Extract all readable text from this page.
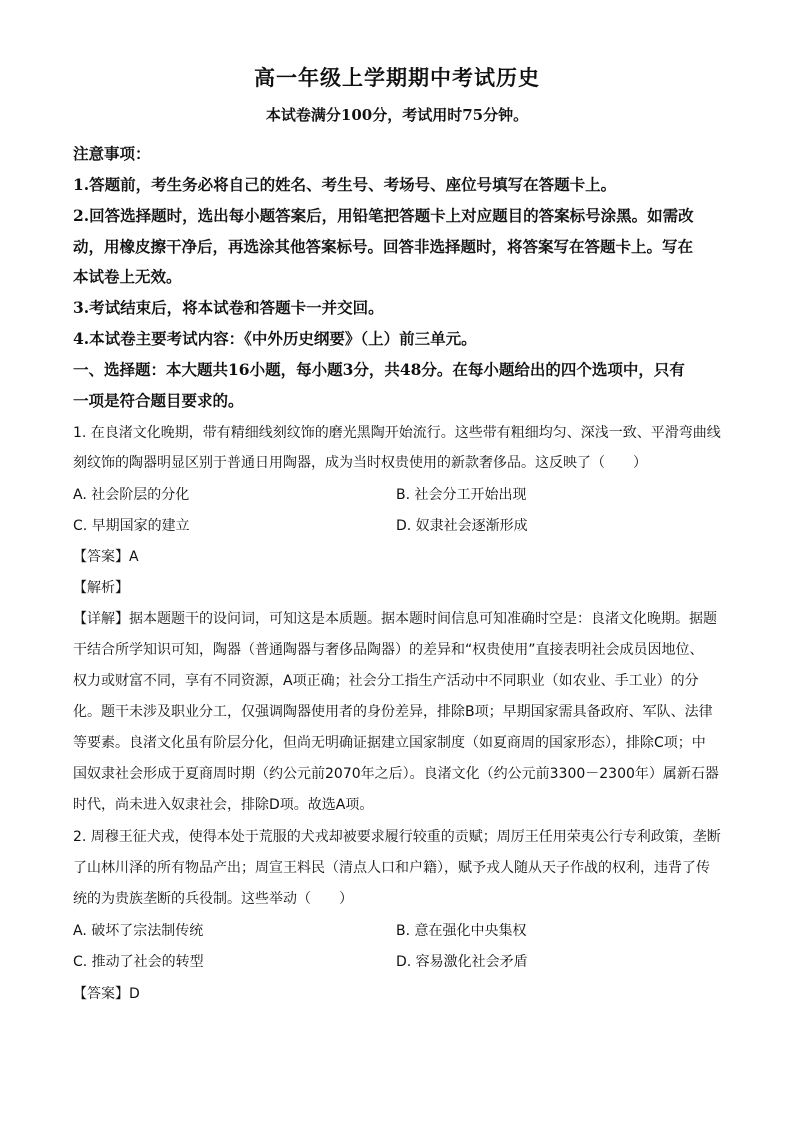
高一年级上学期期中考试历史
本试卷满分100分，考试用时75分钟。
注意事项：
1.答题前，考生务必将自己的姓名、考生号、考场号、座位号填写在答题卡上。
2.回答选择题时，选出每小题答案后，用铅笔把答题卡上对应题目的答案标号涂黑。如需改
动，用橡皮擦干净后，再选涂其他答案标号。回答非选择题时，将答案写在答题卡上。写在
本试卷上无效。
3.考试结束后，将本试卷和答题卡一并交回。
4.本试卷主要考试内容：《中外历史纲要》（上）前三单元。
一、选择题：本大题共16小题，每小题3分，共48分。在每小题给出的四个选项中，只有
一项是符合题目要求的。
1. 在良渚文化晚期，带有精细线刻纹饰的磨光黑陶开始流行。这些带有粗细均匀、深浅一致、平滑弯曲线
刻纹饰的陶器明显区别于普通日用陶器，成为当时权贵使用的新款奢侈品。这反映了（　　）
A. 社会阶层的分化	B. 社会分工开始出现
C. 早期国家的建立	D. 奴隶社会逐渐形成
【答案】A
【解析】
【详解】据本题题干的设问词，可知这是本质题。据本题时间信息可知准确时空是：良渚文化晚期。据题
干结合所学知识可知，陶器（普通陶器与奢侈品陶器）的差异和“权贵使用”直接表明社会成员因地位、
权力或财富不同，享有不同资源，A项正确；社会分工指生产活动中不同职业（如农业、手工业）的分
化。题干未涉及职业分工，仅强调陶器使用者的身份差异，排除B项；早期国家需具备政府、军队、法律
等要素。良渚文化虽有阶层分化，但尚无明确证据建立国家制度（如夏商周的国家形态），排除C项；中
国奴隶社会形成于夏商周时期（约公元前2070年之后）。良渚文化（约公元前3300－2300年）属新石器
时代，尚未进入奴隶社会，排除D项。故选A项。
2. 周穆王征犬戎，使得本处于荒服的犬戎却被要求履行较重的贡赋；周厉王任用荣夷公行专利政策，垄断
了山林川泽的所有物品产出；周宣王料民（清点人口和户籍），赋予戎人随从天子作战的权利，违背了传
统的为贵族垄断的兵役制。这些举动（　　）
A. 破坏了宗法制传统	B. 意在强化中央集权
C. 推动了社会的转型	D. 容易激化社会矛盾
【答案】D
